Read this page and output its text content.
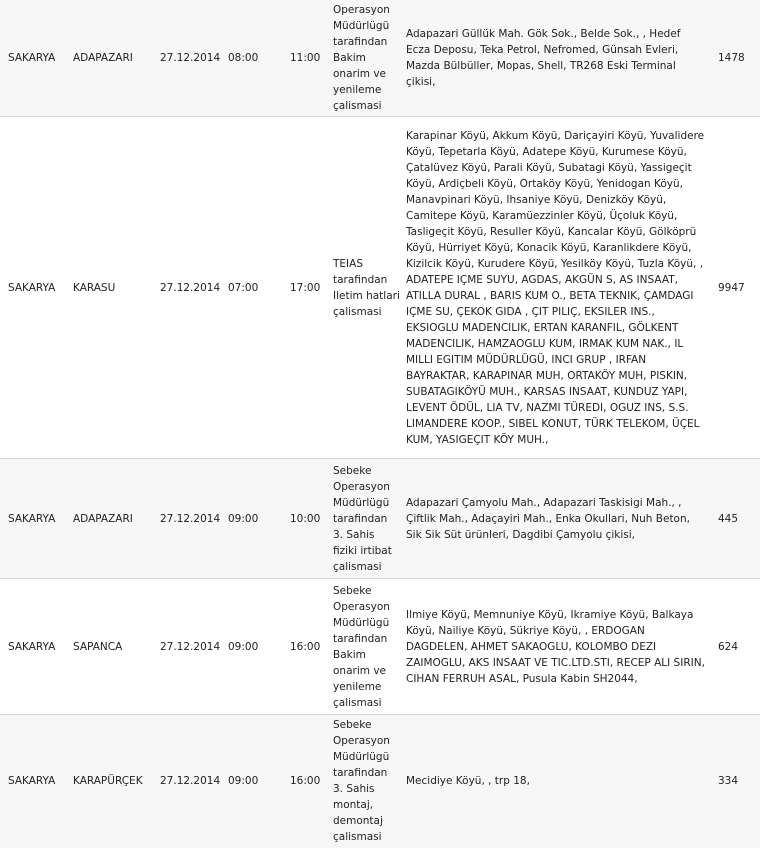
SAKARYA	ADAPAZARI	27.12.2014	08:00	11:00	Operasyon Müdürlügü tarafindan Bakim onarim ve yenileme çalismasi	Adapazari Güllük Mah. Gök Sok., Belde Sok., , Hedef Ecza Deposu, Teka Petrol, Nefromed, Günsah Evleri, Mazda Bülbüller, Mopas, Shell, TR268 Eski Terminal çikisi,	1478
SAKARYA	KARASU	27.12.2014	07:00	17:00	TEIAS tarafindan Iletim hatlari çalismasi	Karapinar Köyü, Akkum Köyü, Dariçayiri Köyü, Yuvalidere Köyü, Tepetarla Köyü, Adatepe Köyü, Kurumese Köyü, Çatalüvez Köyü, Parali Köyü, Subatagi Köyü, Yassigeçit Köyü, Ardiçbeli Köyü, Ortaköy Köyü, Yenidogan Köyü, Manavpinari Köyü, Ihsaniye Köyü, Denizköy Köyü, Camitepe Köyü, Karamüezzinler Köyü, Üçoluk Köyü, Tasligeçit Köyü, Resuller Köyü, Kancalar Köyü, Gölköprü Köyü, Hürriyet Köyü, Konacik Köyü, Karanlikdere Köyü, Kizilcik Köyü, Kurudere Köyü, Yesilköy Köyü, Tuzla Köyü, , ADATEPE IÇME SUYU, AGDAS, AKGÜN S, AS INSAAT, ATILLA DURAL , BARIS KUM O., BETA TEKNIK, ÇAMDAGI IÇME SU, ÇEKOK GIDA , ÇIT PILIÇ, EKSILER INS., EKSIOGLU MADENCILIK, ERTAN KARANFIL, GÖLKENT MADENCILIK, HAMZAOGLU KUM, IRMAK KUM NAK., IL MILLI EGITIM MÜDÜRLÜGÜ, INCI GRUP , IRFAN BAYRAKTAR, KARAPINAR MUH, ORTAKÖY MUH, PISKIN, SUBATAGIKÖYÜ MUH., KARSAS INSAAT, KUNDUZ YAPI, LEVENT ÖDÜL, LIA TV, NAZMI TÜREDI, OGUZ INS, S.S. LIMANDERE KOOP., SIBEL KONUT, TÜRK TELEKOM, ÜÇEL KUM, YASIGEÇIT KÖY MUH.,	9947
SAKARYA	ADAPAZARI	27.12.2014	09:00	10:00	Sebeke Operasyon Müdürlügü tarafindan 3. Sahis fiziki irtibat çalismasi	Adapazari Çamyolu Mah., Adapazari Taskisigi Mah., , Çiftlik Mah., Adaçayiri Mah., Enka Okullari, Nuh Beton, Sik Sik Süt ürünleri, Dagdibi Çamyolu çikisi,	445
SAKARYA	SAPANCA	27.12.2014	09:00	16:00	Sebeke Operasyon Müdürlügü tarafindan Bakim onarim ve yenileme çalismasi	Ilmiye Köyü, Memnuniye Köyü, Ikramiye Köyü, Balkaya Köyü, Nailiye Köyü, Sükriye Köyü, , ERDOGAN DAGDELEN, AHMET SAKAOGLU, KOLOMBO DEZI ZAIMOGLU, AKS INSAAT VE TIC.LTD.STI, RECEP ALI SIRIN, CIHAN FERRUH ASAL, Pusula Kabin SH2044,	624
SAKARYA	KARAPÜRÇEK	27.12.2014	09:00	16:00	Sebeke Operasyon Müdürlügü tarafindan 3. Sahis montaj, demontaj çalismasi	Mecidiye Köyü, , trp 18,	334
